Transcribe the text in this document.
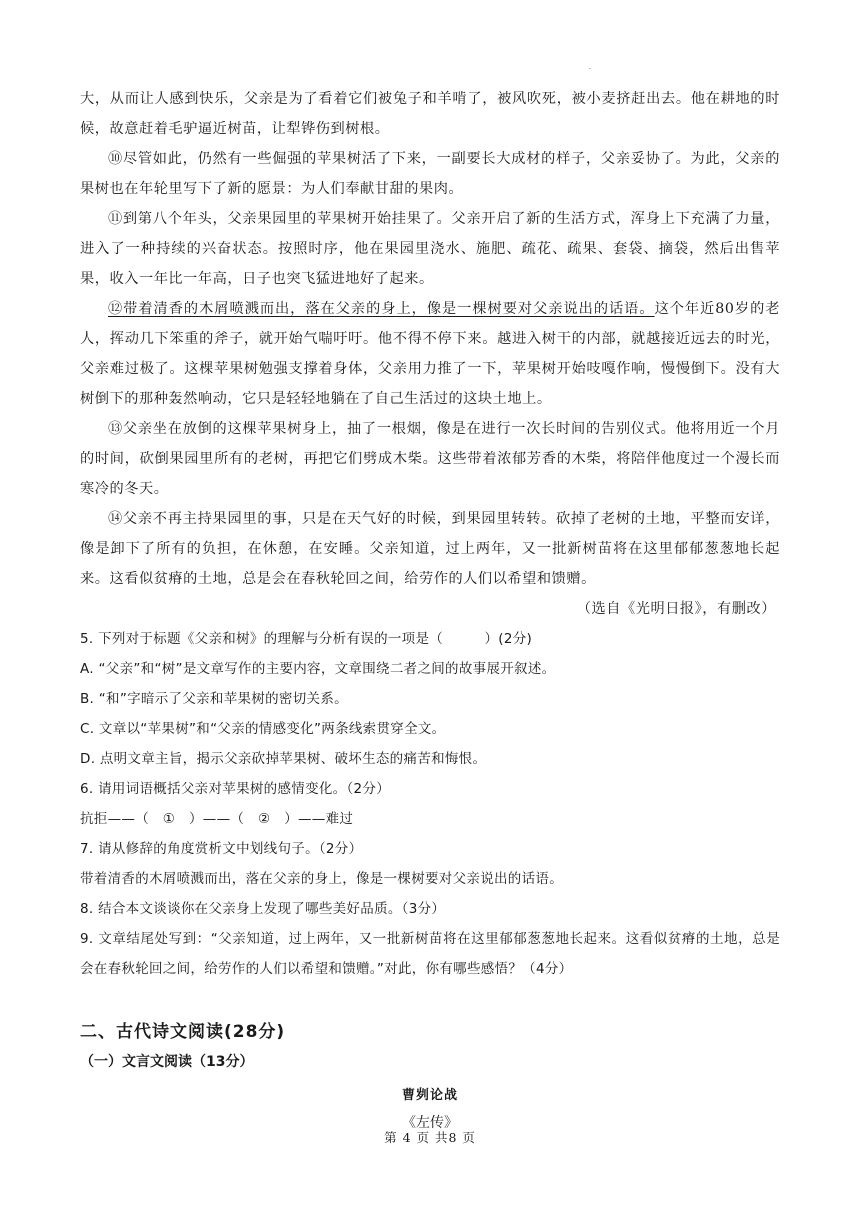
.

大，从而让人感到快乐，父亲是为了看着它们被兔子和羊啃了，被风吹死，被小麦挤赶出去。他在耕地的时候，故意赶着毛驴逼近树苗，让犁铧伤到树根。

⑩尽管如此，仍然有一些倔强的苹果树活了下来，一副要长大成材的样子，父亲妥协了。为此，父亲的果树也在年轮里写下了新的愿景：为人们奉献甘甜的果肉。

⑪到第八个年头，父亲果园里的苹果树开始挂果了。父亲开启了新的生活方式，浑身上下充满了力量，进入了一种持续的兴奋状态。按照时序，他在果园里浇水、施肥、疏花、疏果、套袋、摘袋，然后出售苹果，收入一年比一年高，日子也突飞猛进地好了起来。

⑫带着清香的木屑喷溅而出，落在父亲的身上，像是一棵树要对父亲说出的话语。这个年近80岁的老人，挥动几下笨重的斧子，就开始气喘吁吁。他不得不停下来。越进入树干的内部，就越接近远去的时光，父亲难过极了。这棵苹果树勉强支撑着身体，父亲用力推了一下，苹果树开始吱嘎作响，慢慢倒下。没有大树倒下的那种轰然响动，它只是轻轻地躺在了自己生活过的这块土地上。

⑬父亲坐在放倒的这棵苹果树身上，抽了一根烟，像是在进行一次长时间的告别仪式。他将用近一个月的时间，砍倒果园里所有的老树，再把它们劈成木柴。这些带着浓郁芳香的木柴，将陪伴他度过一个漫长而寒冷的冬天。

⑭父亲不再主持果园里的事，只是在天气好的时候，到果园里转转。砍掉了老树的土地，平整而安详，像是卸下了所有的负担，在休憩，在安睡。父亲知道，过上两年，又一批新树苗将在这里郁郁葱葱地长起来。这看似贫瘠的土地，总是会在春秋轮回之间，给劳作的人们以希望和馈赠。

（选自《光明日报》，有删改）

5. 下列对于标题《父亲和树》的理解与分析有误的一项是（　　　）(2分)

A. “父亲”和“树”是文章写作的主要内容，文章围绕二者之间的故事展开叙述。

B. “和”字暗示了父亲和苹果树的密切关系。

C. 文章以“苹果树”和“父亲的情感变化”两条线索贯穿全文。

D. 点明文章主旨，揭示父亲砍掉苹果树、破坏生态的痛苦和悔恨。

6. 请用词语概括父亲对苹果树的感情变化。（2分）

抗拒——（　①　）——（　②　）——难过

7. 请从修辞的角度赏析文中划线句子。（2分）

带着清香的木屑喷溅而出，落在父亲的身上，像是一棵树要对父亲说出的话语。

8. 结合本文谈谈你在父亲身上发现了哪些美好品质。（3分）

9. 文章结尾处写到：“父亲知道，过上两年，又一批新树苗将在这里郁郁葱葱地长起来。这看似贫瘠的土地，总是会在春秋轮回之间，给劳作的人们以希望和馈赠。”对此，你有哪些感悟？（4分）

二、古代诗文阅读(28分)
（一）文言文阅读（13分）
曹刿论战
《左传》
第 4 页 共8 页
